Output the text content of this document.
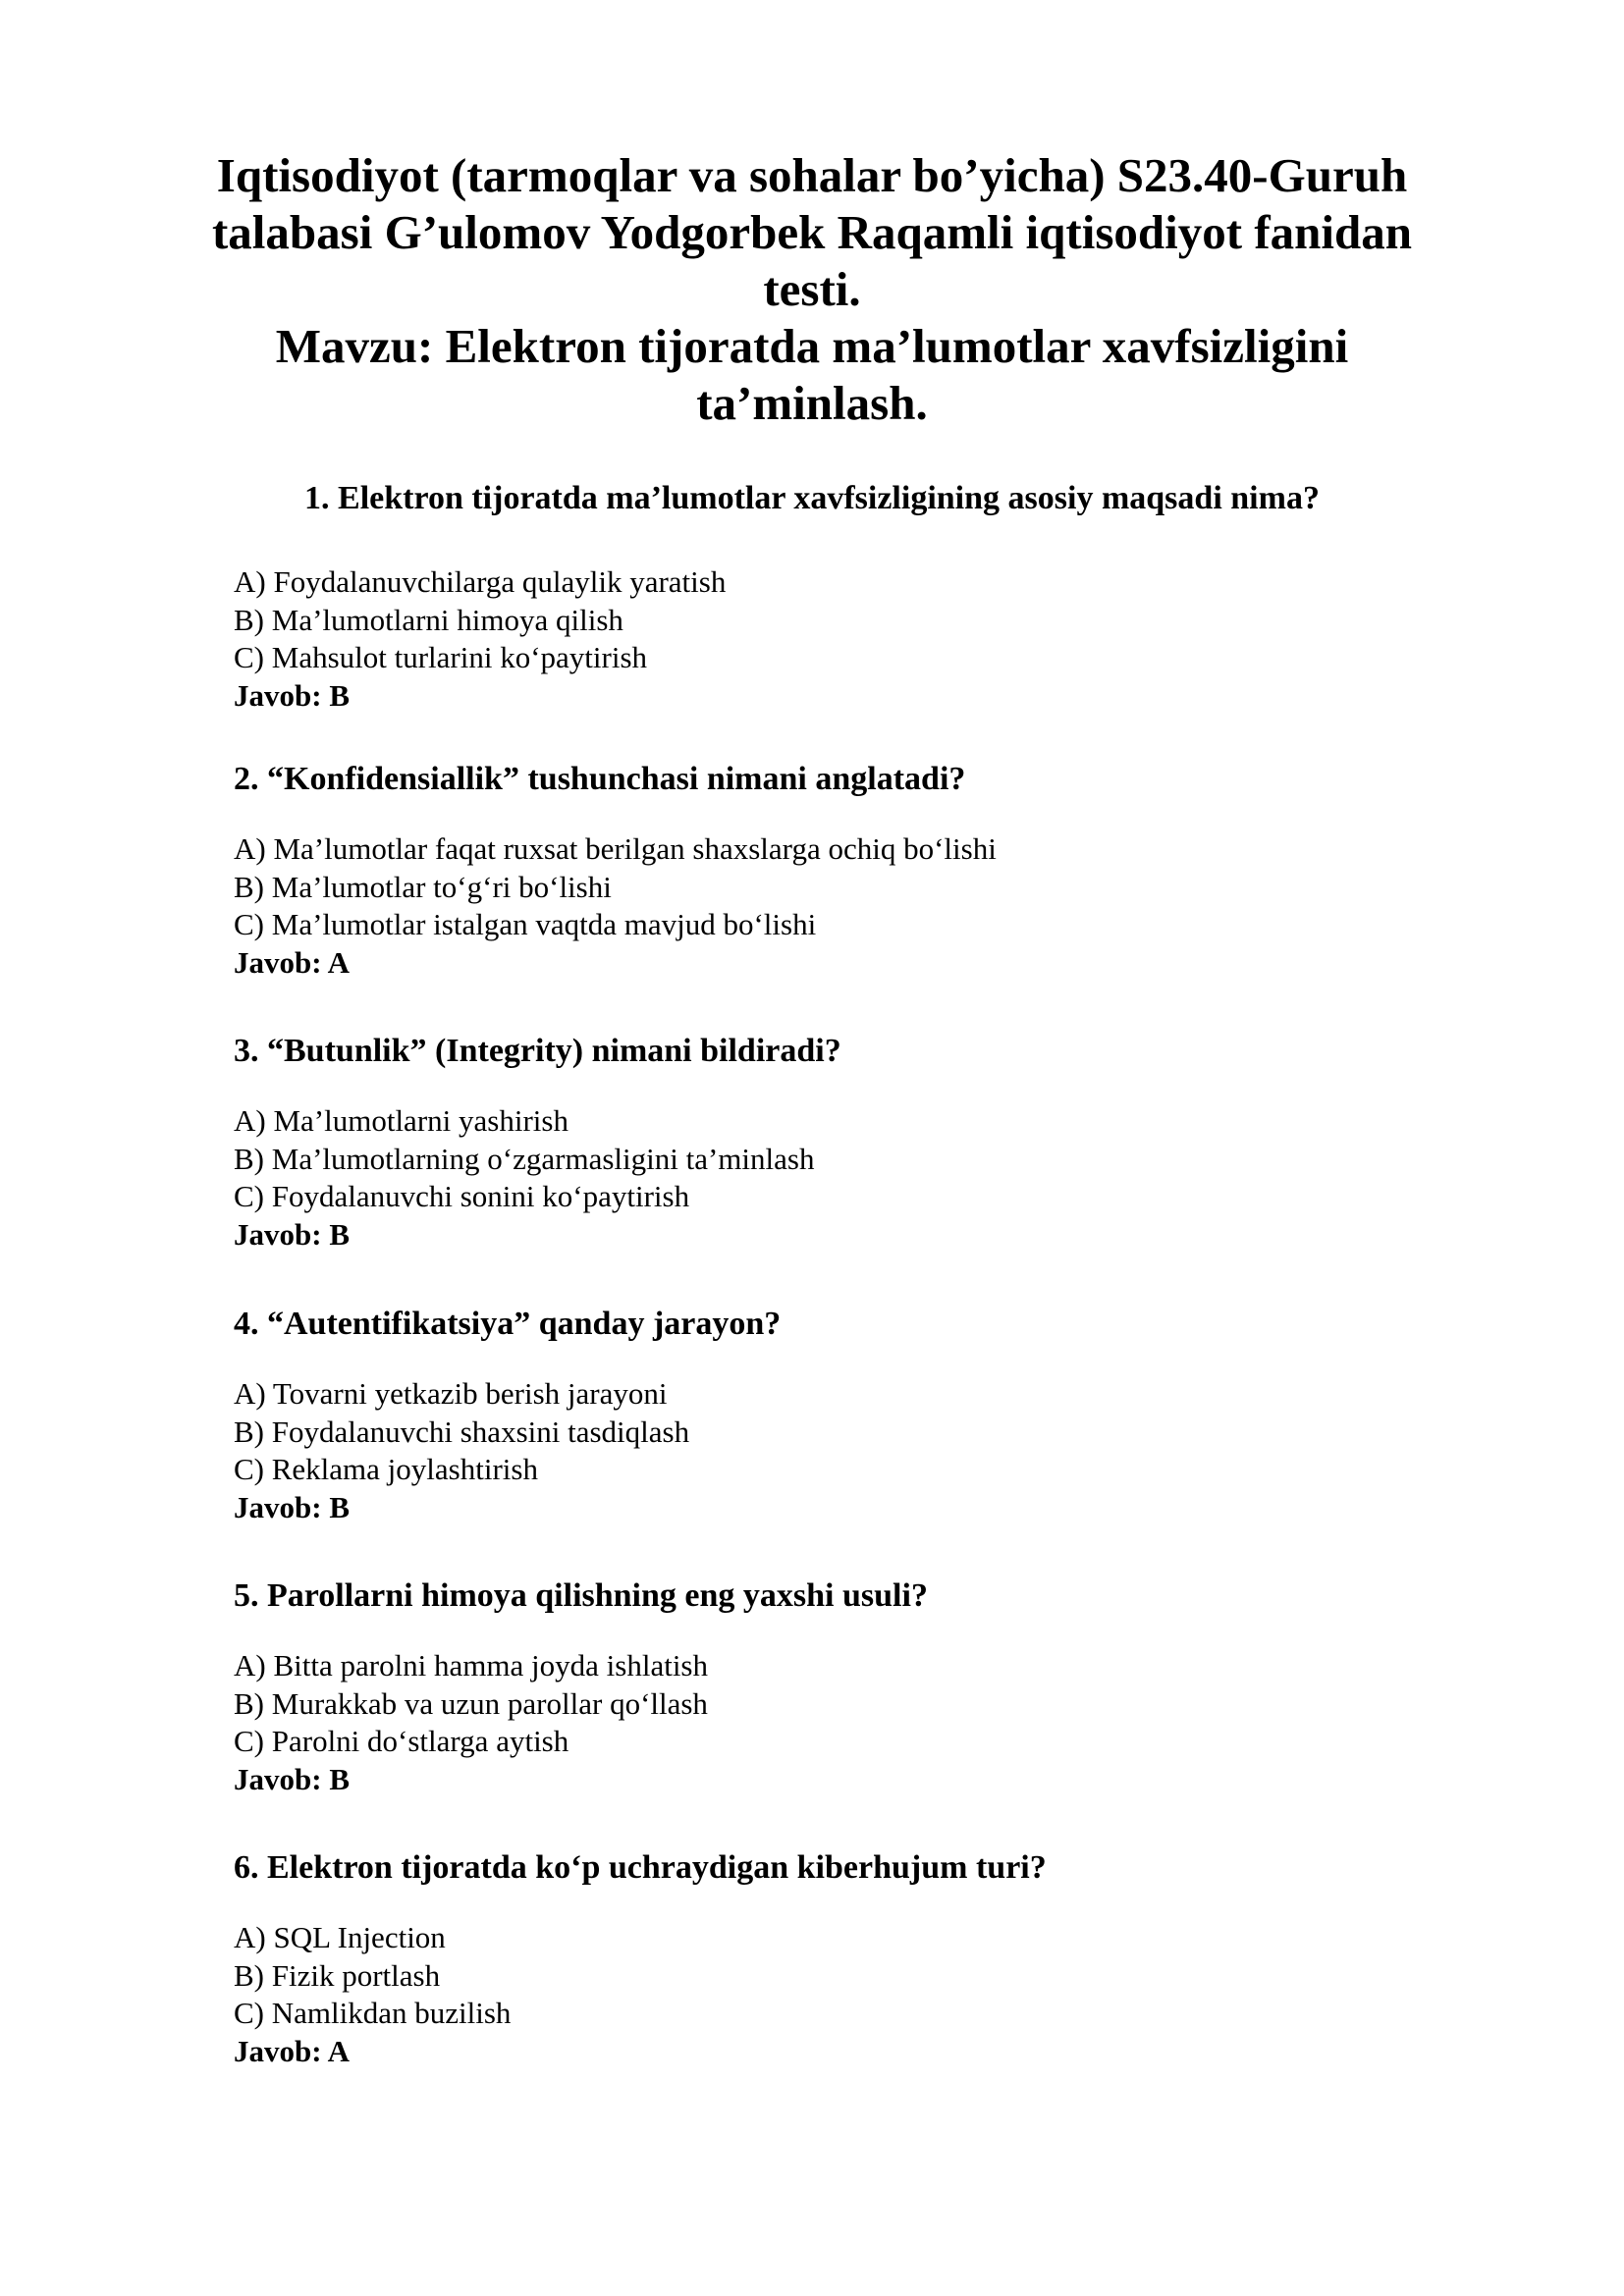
Iqtisodiyot (tarmoqlar va sohalar bo’yicha) S23.40-Guruh
talabasi G’ulomov Yodgorbek Raqamli iqtisodiyot fanidan
testi.
Mavzu: Elektron tijoratda ma’lumotlar xavfsizligini
ta’minlash.
1. Elektron tijoratda ma’lumotlar xavfsizligining asosiy maqsadi nima?
A) Foydalanuvchilarga qulaylik yaratish
B) Ma’lumotlarni himoya qilish
C) Mahsulot turlarini ko‘paytirish
Javob: B
2. “Konfidensiallik” tushunchasi nimani anglatadi?
A) Ma’lumotlar faqat ruxsat berilgan shaxslarga ochiq bo‘lishi
B) Ma’lumotlar to‘g‘ri bo‘lishi
C) Ma’lumotlar istalgan vaqtda mavjud bo‘lishi
Javob: A
3. “Butunlik” (Integrity) nimani bildiradi?
A) Ma’lumotlarni yashirish
B) Ma’lumotlarning o‘zgarmasligini ta’minlash
C) Foydalanuvchi sonini ko‘paytirish
Javob: B
4. “Autentifikatsiya” qanday jarayon?
A) Tovarni yetkazib berish jarayoni
B) Foydalanuvchi shaxsini tasdiqlash
C) Reklama joylashtirish
Javob: B
5. Parollarni himoya qilishning eng yaxshi usuli?
A) Bitta parolni hamma joyda ishlatish
B) Murakkab va uzun parollar qo‘llash
C) Parolni do‘stlarga aytish
Javob: B
6. Elektron tijoratda ko‘p uchraydigan kiberhujum turi?
A) SQL Injection
B) Fizik portlash
C) Namlikdan buzilish
Javob: A
